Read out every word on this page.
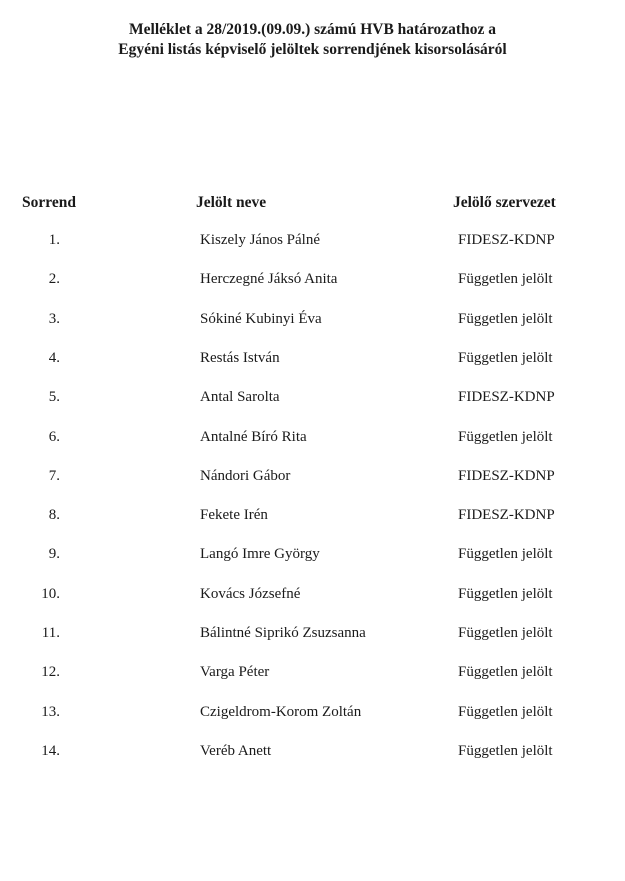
Melléklet a 28/2019.(09.09.) számú HVB határozathoz a
Egyéni listás képviselő jelöltek sorrendjének kisorsolásáról
Sorrend	Jelölt neve	Jelölő szervezet
1.	Kiszely János Pálné	FIDESZ-KDNP
2.	Herczegné Jáksó Anita	Független jelölt
3.	Sókiné Kubinyi Éva	Független jelölt
4.	Restás István	Független jelölt
5.	Antal Sarolta	FIDESZ-KDNP
6.	Antalné Bíró Rita	Független jelölt
7.	Nándori Gábor	FIDESZ-KDNP
8.	Fekete Irén	FIDESZ-KDNP
9.	Langó Imre György	Független jelölt
10.	Kovács Józsefné	Független jelölt
11.	Bálintné Siprikó Zsuzsanna	Független jelölt
12.	Varga Péter	Független jelölt
13.	Czigeldrom-Korom Zoltán	Független jelölt
14.	Veréb Anett	Független jelölt
